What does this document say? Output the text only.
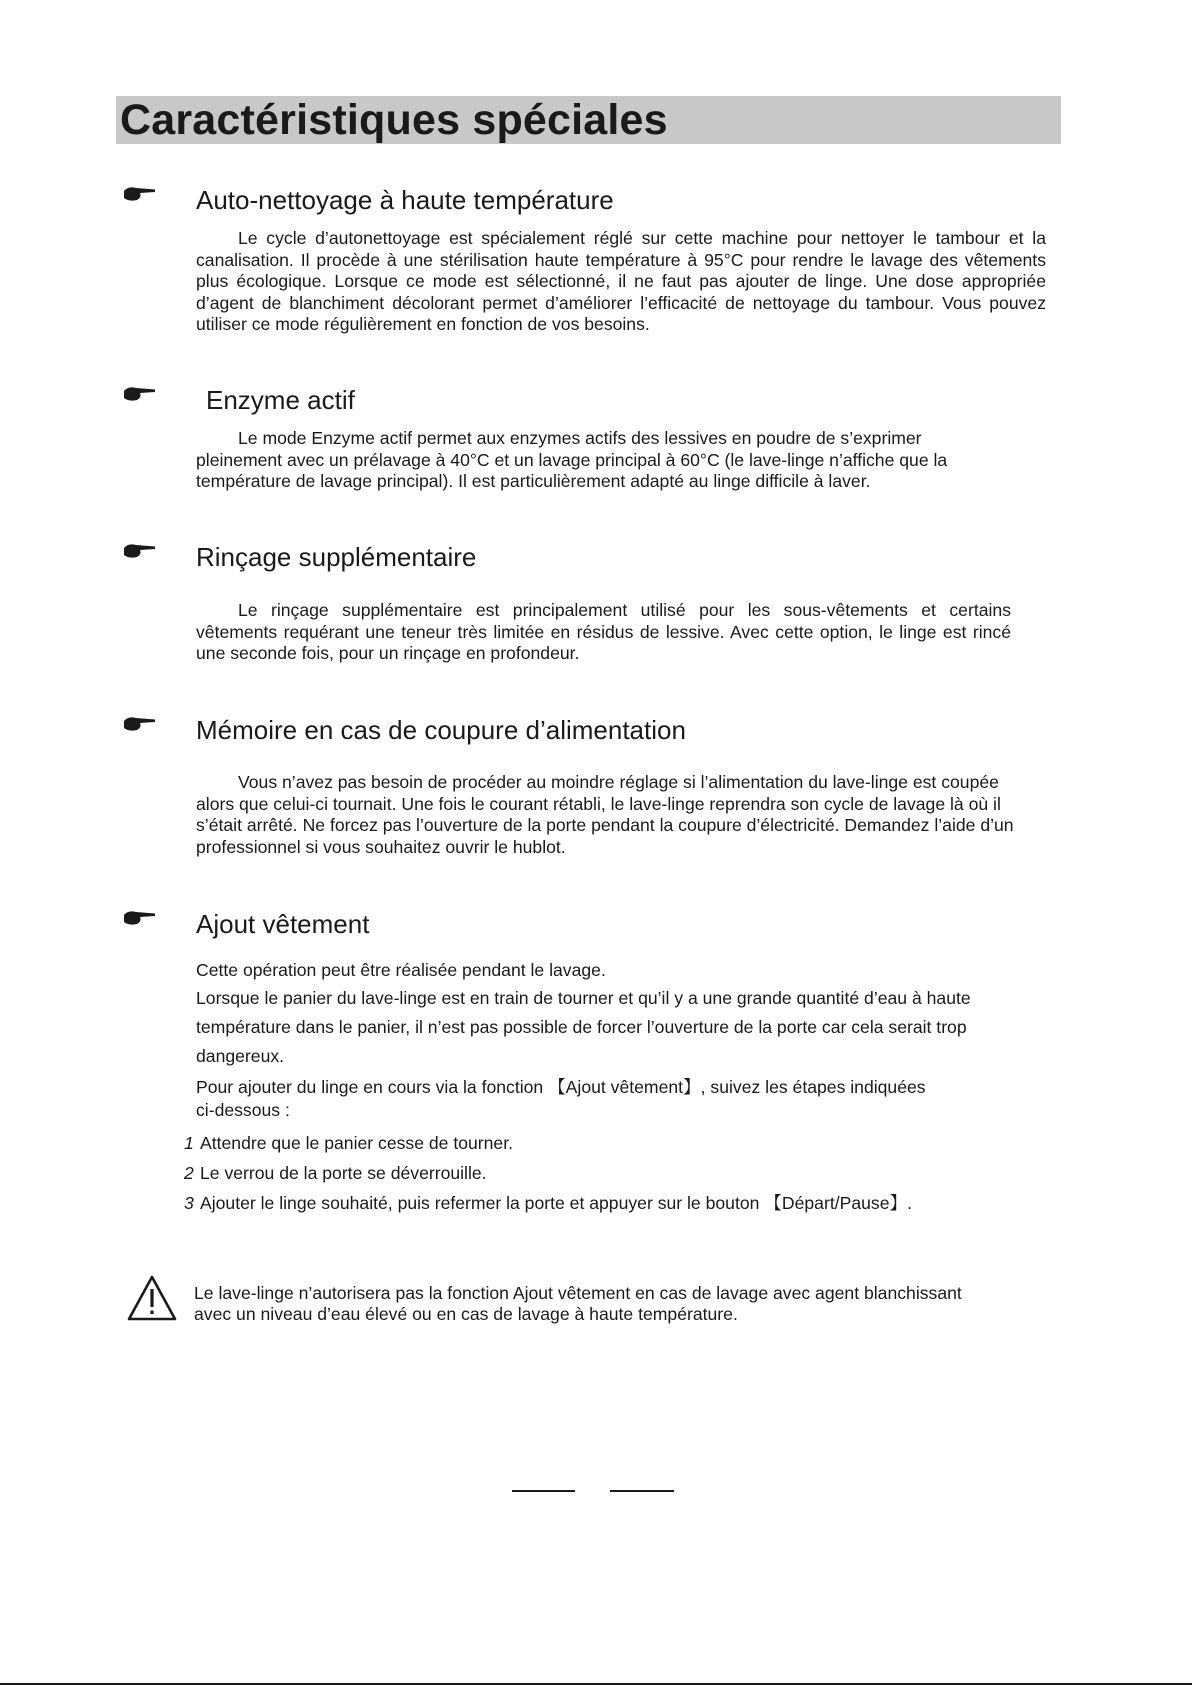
Caractéristiques spéciales
Auto-nettoyage à haute température

Le cycle d’autonettoyage est spécialement réglé sur cette machine pour nettoyer le tambour et la canalisation. Il procède à une stérilisation haute température à 95°C pour rendre le lavage des vêtements plus écologique. Lorsque ce mode est sélectionné, il ne faut pas ajouter de linge. Une dose appropriée d’agent de blanchiment décolorant permet d’améliorer l’efficacité de nettoyage du tambour. Vous pouvez utiliser ce mode régulièrement en fonction de vos besoins.

Enzyme actif

Le mode Enzyme actif permet aux enzymes actifs des lessives en poudre de s’exprimer pleinement avec un prélavage à 40°C et un lavage principal à 60°C (le lave-linge n’affiche que la température de lavage principal). Il est particulièrement adapté au linge difficile à laver.

Rinçage supplémentaire

Le rinçage supplémentaire est principalement utilisé pour les sous-vêtements et certains vêtements requérant une teneur très limitée en résidus de lessive. Avec cette option, le linge est rincé une seconde fois, pour un rinçage en profondeur.

Mémoire en cas de coupure d’alimentation

Vous n’avez pas besoin de procéder au moindre réglage si l’alimentation du lave-linge est coupée alors que celui-ci tournait. Une fois le courant rétabli, le lave-linge reprendra son cycle de lavage là où il s’était arrêté. Ne forcez pas l’ouverture de la porte pendant la coupure d’électricité. Demandez l’aide d’un professionnel si vous souhaitez ouvrir le hublot.

Ajout vêtement
Cette opération peut être réalisée pendant le lavage.
Lorsque le panier du lave-linge est en train de tourner et qu’il y a une grande quantité d’eau à haute
température dans le panier, il n’est pas possible de forcer l’ouverture de la porte car cela serait trop
dangereux.
Pour ajouter du linge en cours via la fonction 【Ajout vêtement】, suivez les étapes indiquées
ci-dessous :
1 Attendre que le panier cesse de tourner.
2 Le verrou de la porte se déverrouille.
3 Ajouter le linge souhaité, puis refermer la porte et appuyer sur le bouton 【Départ/Pause】.
Le lave-linge n’autorisera pas la fonction Ajout vêtement en cas de lavage avec agent blanchissant
avec un niveau d’eau élevé ou en cas de lavage à haute température.
